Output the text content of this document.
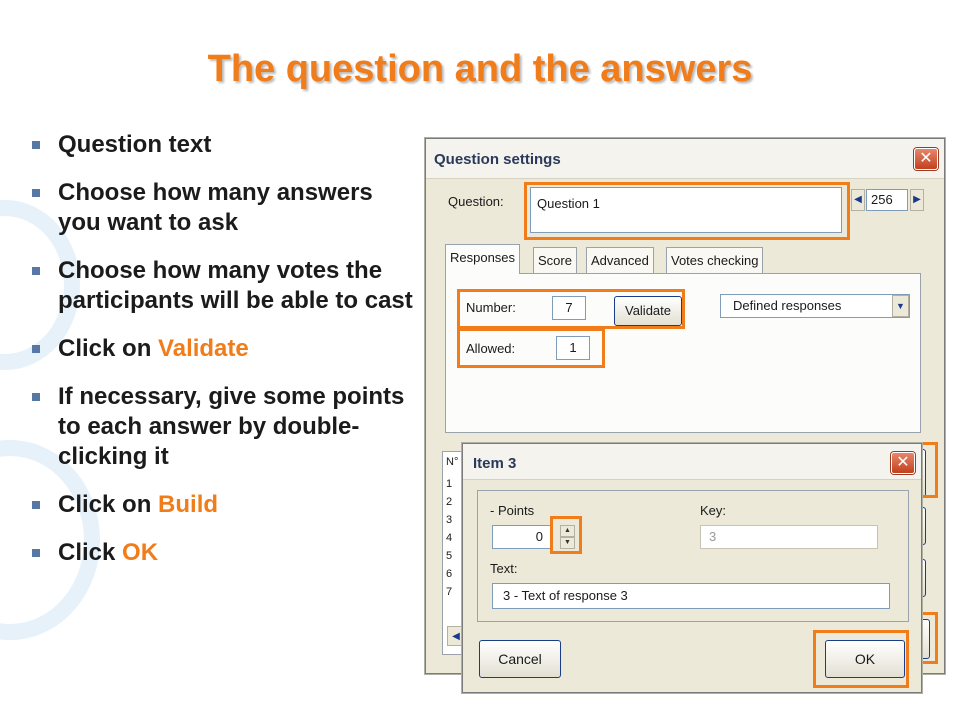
The question and the answers
Question text
Choose how many answers you want to ask
Choose how many votes the participants will be able to cast
Click on Validate
If necessary, give some points to each answer by double-clicking it
Click on Build
Click OK
Question settings	✕
Question:	Question 1	◀ 256	▶
Responses	Score	Advanced	Votes checking
Number:	7	Validate	Defined responses	▼
Allowed:	1
N°
1
2
3
4
5
6
7
◀
Item 3	✕
- Points
0	▲
▼
Key:
3
Text:
3 - Text of response 3
Cancel	OK
